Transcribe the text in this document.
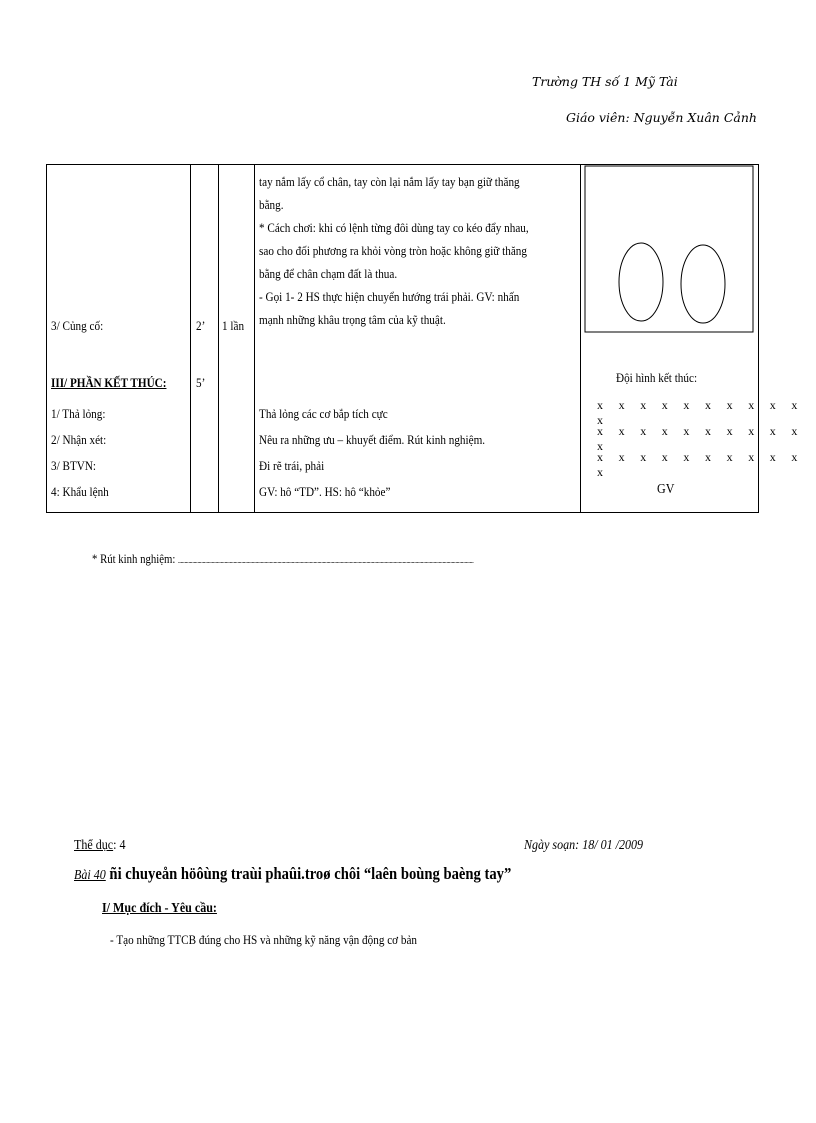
Trường TH số 1 Mỹ Tài
Giáo viên: Nguyễn Xuân Cảnh
3/ Củng cố:
III/ PHẦN KẾT THÚC:
1/ Thả lỏng:
2/ Nhận xét:
3/ BTVN:
4: Khẩu lệnh
2’
5’
1 lần
tay nắm lấy cổ chân, tay còn lại nắm lấy tay bạn giữ thăng
bằng.
* Cách chơi: khi có lệnh từng đôi dùng tay co kéo đẩy nhau,
sao cho đối phương ra khỏi vòng tròn hoặc không giữ thăng
bằng để chân chạm đất là thua.
- Gọi 1- 2 HS thực hiện chuyển hướng trái phải. GV: nhấn
mạnh những khâu trọng tâm của kỹ thuật.
Thả lỏng các cơ bắp tích cực
Nêu ra những ưu – khuyết điểm. Rút kinh nghiệm.
Đi rẽ trái, phải
GV: hô “TD”. HS: hô “khỏe”
Đội hình kết thúc:
x x x x x x x x x x x
x x x x x x x x x x x
x x x x x x x x x x x
GV
* Rút kinh nghiệm: .....................................................................................................................................................................................................................................
Thể dục: 4	Ngày soạn: 18/ 01 /2009
Bài 40 ñi chuyeån höôùng traùi phaûi.troø chôi “laên boùng baèng tay”
I/ Mục đích - Yêu cầu:
- Tạo những TTCB đúng cho HS và những kỹ năng vận động cơ bản
